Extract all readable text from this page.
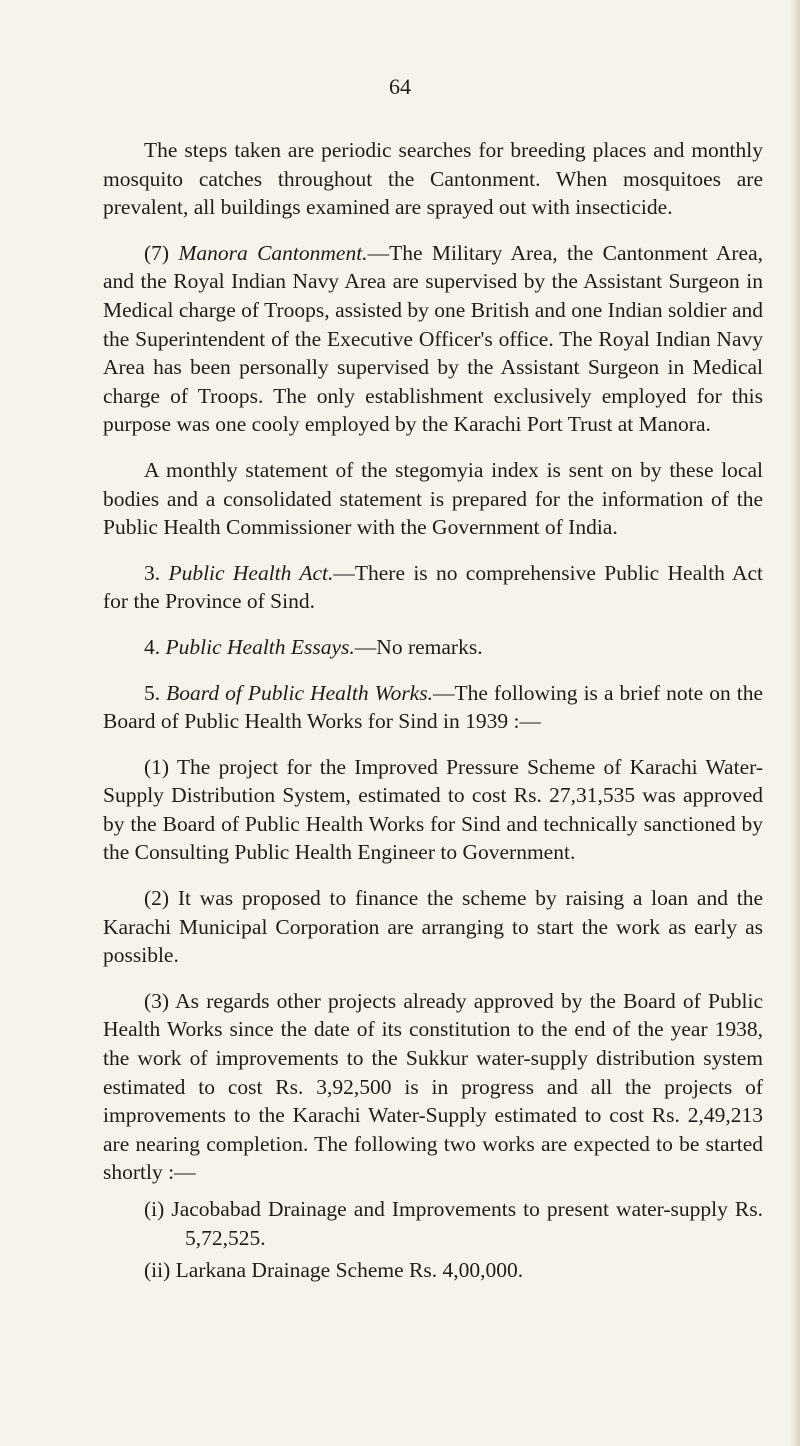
64

The steps taken are periodic searches for breeding places and monthly mosquito catches throughout the Cantonment. When mosquitoes are prevalent, all buildings examined are sprayed out with insecticide.

(7) Manora Cantonment.—The Military Area, the Cantonment Area, and the Royal Indian Navy Area are supervised by the Assistant Surgeon in Medical charge of Troops, assisted by one British and one Indian soldier and the Superintendent of the Executive Officer's office. The Royal Indian Navy Area has been personally supervised by the Assistant Surgeon in Medical charge of Troops. The only establishment exclusively employed for this purpose was one cooly employed by the Karachi Port Trust at Manora.

A monthly statement of the stegomyia index is sent on by these local bodies and a consolidated statement is prepared for the information of the Public Health Commissioner with the Government of India.

3. Public Health Act.—There is no comprehensive Public Health Act for the Province of Sind.

4. Public Health Essays.—No remarks.

5. Board of Public Health Works.—The following is a brief note on the Board of Public Health Works for Sind in 1939 :—

(1) The project for the Improved Pressure Scheme of Karachi Water-Supply Distribution System, estimated to cost Rs. 27,31,535 was approved by the Board of Public Health Works for Sind and technically sanctioned by the Consulting Public Health Engineer to Government.

(2) It was proposed to finance the scheme by raising a loan and the Karachi Municipal Corporation are arranging to start the work as early as possible.

(3) As regards other projects already approved by the Board of Public Health Works since the date of its constitution to the end of the year 1938, the work of improvements to the Sukkur water-supply distribution system estimated to cost Rs. 3,92,500 is in progress and all the projects of improvements to the Karachi Water-Supply estimated to cost Rs. 2,49,213 are nearing completion. The following two works are expected to be started shortly :—

(i) Jacobabad Drainage and Improvements to present water-supply Rs. 5,72,525.

(ii) Larkana Drainage Scheme Rs. 4,00,000.
